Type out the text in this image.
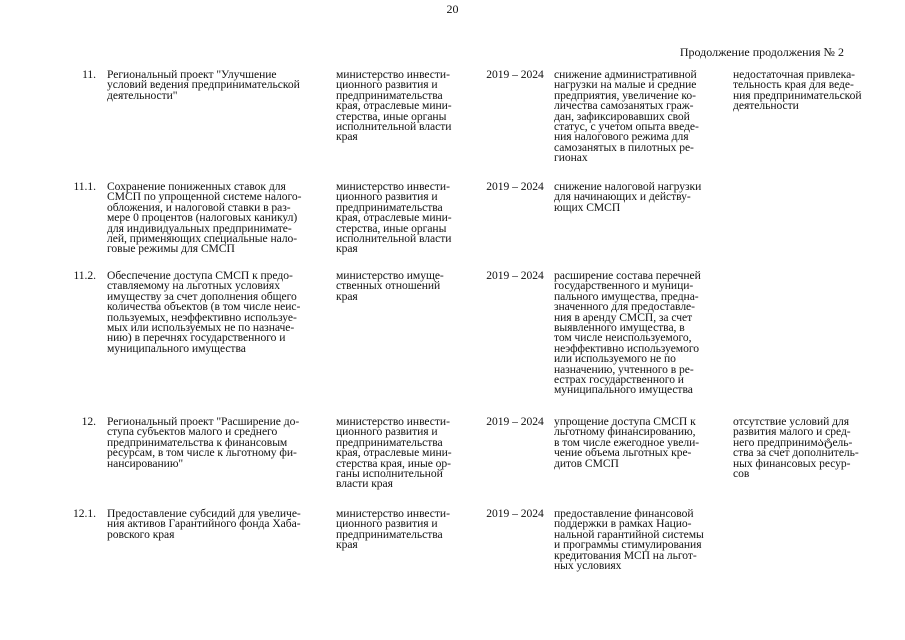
20
Продолжение продолжения № 2
11. Региональный проект "Улучшение
условий ведения предпринимательской
деятельности"
министерство инвести-
ционного развития и
предпринимательства
края, отраслевые мини-
стерства, иные органы
исполнительной власти
края
2019 – 2024 снижение административной
нагрузки на малые и средние
предприятия, увеличение ко-
личества самозанятых граж-
дан, зафиксировавших свой
статус, с учетом опыта введе-
ния налогового режима для
самозанятых в пилотных ре-
гионах
недостаточная привлека-
тельность края для веде-
ния предпринимательской
деятельности
11.1. Сохранение пониженных ставок для
СМСП по упрощенной системе налого-
обложения, и налоговой ставки в раз-
мере 0 процентов (налоговых каникул)
для индивидуальных предпринимате-
лей, применяющих специальные нало-
говые режимы для СМСП
министерство инвести-
ционного развития и
предпринимательства
края, отраслевые мини-
стерства, иные органы
исполнительной власти
края
2019 – 2024 снижение налоговой нагрузки
для начинающих и действу-
ющих СМСП
11.2. Обеспечение доступа СМСП к предо-
ставляемому на льготных условиях
имуществу за счет дополнения общего
количества объектов (в том числе неис-
пользуемых, неэффективно используе-
мых или используемых не по назначе-
нию) в перечнях государственного и
муниципального имущества
министерство имуще-
ственных отношений
края
2019 – 2024 расширение состава перечней
государственного и муници-
пального имущества, предна-
значенного для предоставле-
ния в аренду СМСП, за счет
выявленного имущества, в
том числе неиспользуемого,
неэффективно используемого
или используемого не по
назначению, учтенного в ре-
естрах государственного и
муниципального имущества
12. Региональный проект "Расширение до-
ступа субъектов малого и среднего
предпринимательства к финансовым
ресурсам, в том числе к льготному фи-
нансированию"
министерство инвести-
ционного развития и
предпринимательства
края, отраслевые мини-
стерства края, иные ор-
ганы исполнительной
власти края
2019 – 2024 упрощение доступа СМСП к
льготному финансированию,
в том числе ежегодное увели-
чение объема льготных кре-
дитов СМСП
отсутствие условий для
развития малого и сред-
него предпринимატель-
ства за счет дополнитель-
ных финансовых ресур-
сов
12.1. Предоставление субсидий для увеличе-
ния активов Гарантийного фонда Хаба-
ровского края
министерство инвести-
ционного развития и
предпринимательства
края
2019 – 2024 предоставление финансовой
поддержки в рамках Нацио-
нальной гарантийной системы
и программы стимулирования
кредитования МСП на льгот-
ных условиях
